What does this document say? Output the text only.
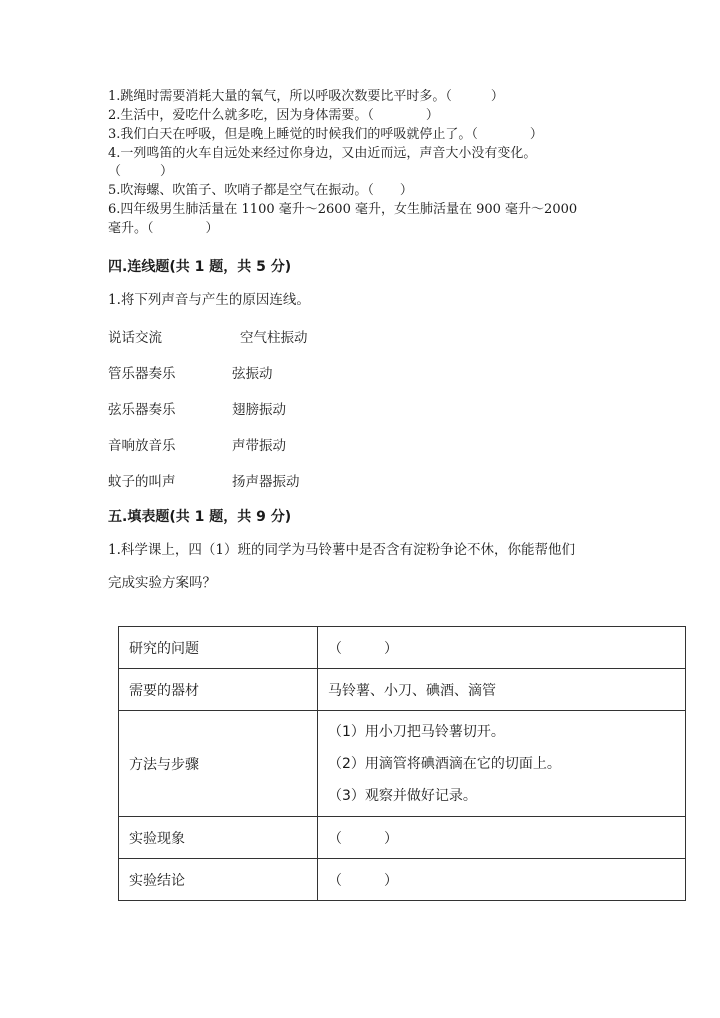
1.跳绳时需要消耗大量的氧气，所以呼吸次数要比平时多。（　　　）
2.生活中，爱吃什么就多吃，因为身体需要。（　　　　）
3.我们白天在呼吸，但是晚上睡觉的时候我们的呼吸就停止了。（　　　　）
4.一列鸣笛的火车自远处来经过你身边，又由近而远，声音大小没有变化。
（　　　）
5.吹海螺、吹笛子、吹哨子都是空气在振动。（　　）
6.四年级男生肺活量在 1100 毫升～2600 毫升，女生肺活量在 900 毫升～2000
毫升。（　　　　）
四.连线题(共 1 题，共 5 分)
1.将下列声音与产生的原因连线。
说话交流	空气柱振动
管乐器奏乐	弦振动
弦乐器奏乐	翅膀振动
音响放音乐	声带振动
蚊子的叫声	扬声器振动
五.填表题(共 1 题，共 9 分)
1.科学课上，四（1）班的同学为马铃薯中是否含有淀粉争论不休，你能帮他们
完成实验方案吗？
研究的问题	（　　　）
需要的器材	马铃薯、小刀、碘酒、滴管
方法与步骤	（1）用小刀把马铃薯切开。
（2）用滴管将碘酒滴在它的切面上。
（3）观察并做好记录。

实验现象	（　　　）
实验结论	（　　　）
